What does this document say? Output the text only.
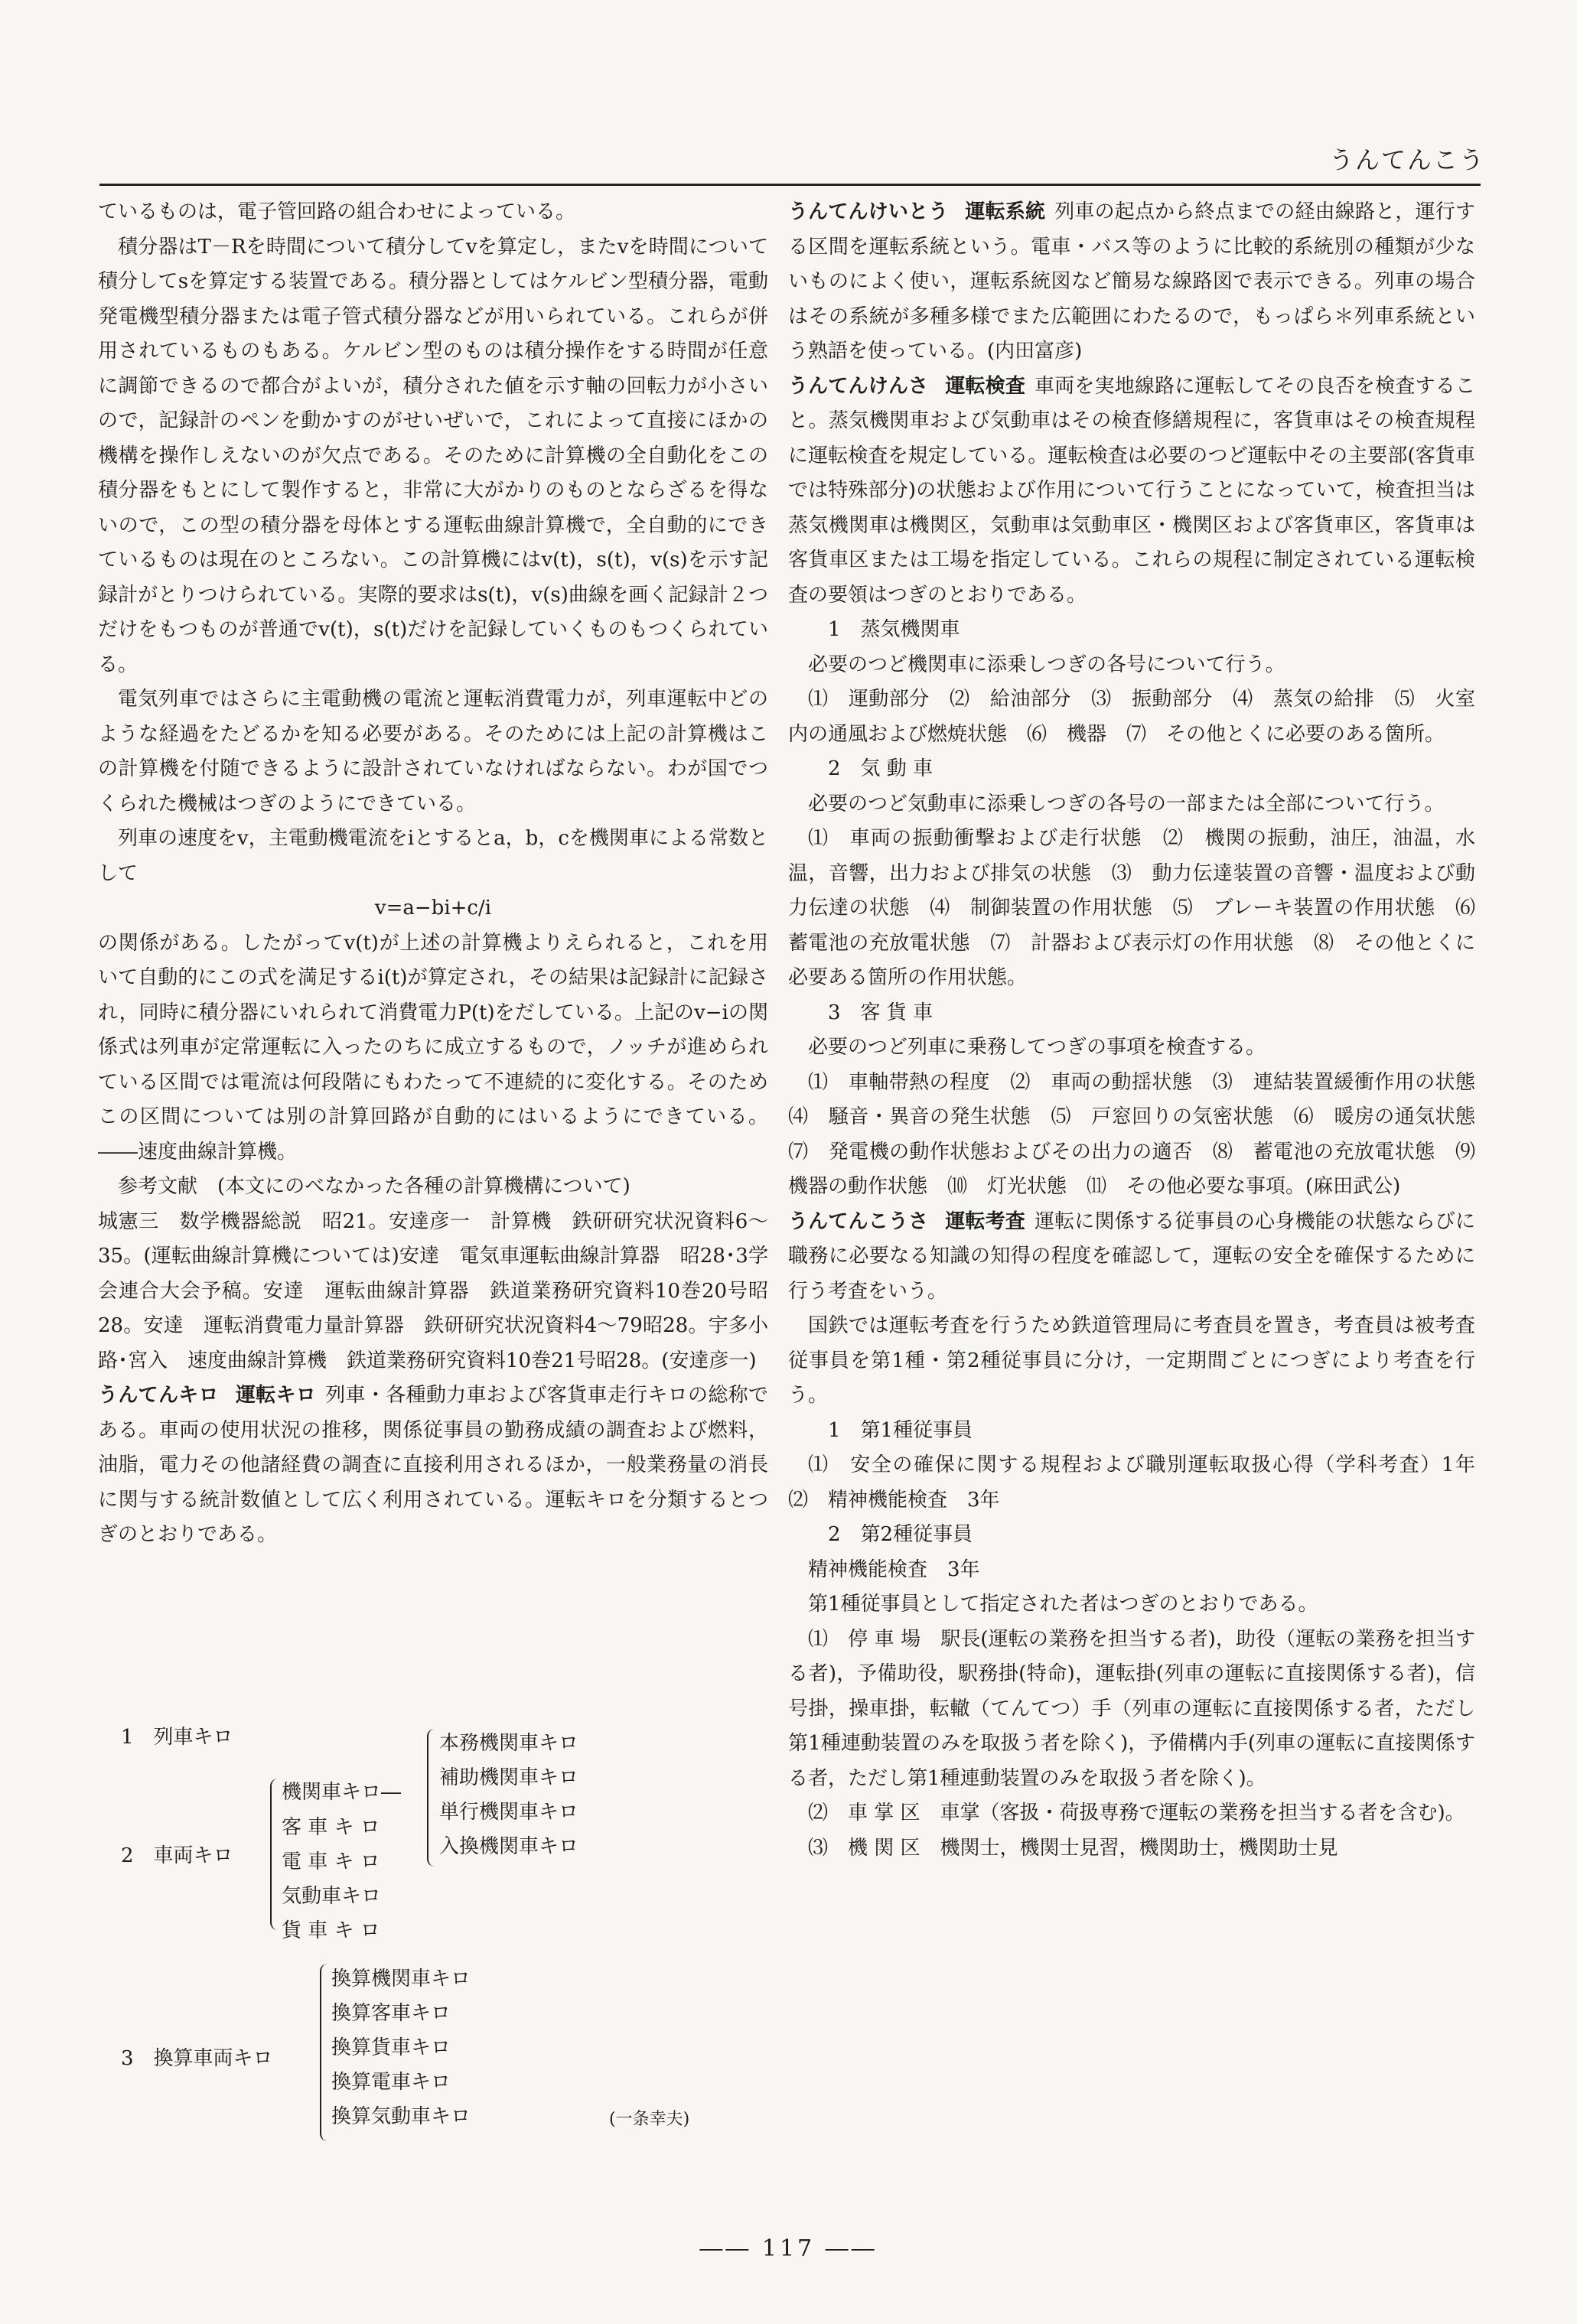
うんてんこう

ているものは，電子管回路の組合わせによっている。

積分器はT－Rを時間について積分してvを算定し，またvを時間について積分してsを算定する装置である。積分器としてはケルビン型積分器，電動発電機型積分器または電子管式積分器などが用いられている。これらが併用されているものもある。ケルビン型のものは積分操作をする時間が任意に調節できるので都合がよいが，積分された値を示す軸の回転力が小さいので，記録計のペンを動かすのがせいぜいで，これによって直接にほかの機構を操作しえないのが欠点である。そのために計算機の全自動化をこの積分器をもとにして製作すると，非常に大がかりのものとならざるを得ないので，この型の積分器を母体とする運転曲線計算機で，全自動的にできているものは現在のところない。この計算機にはv(t)，s(t)，v(s)を示す記録計がとりつけられている。実際的要求はs(t)，v(s)曲線を画く記録計２つだけをもつものが普通でv(t)，s(t)だけを記録していくものもつくられている。

電気列車ではさらに主電動機の電流と運転消費電力が，列車運転中どのような経過をたどるかを知る必要がある。そのためには上記の計算機はこの計算機を付随できるように設計されていなければならない。わが国でつくられた機械はつぎのようにできている。

列車の速度をv，主電動機電流をiとするとa，b，cを機関車による常数として

v=a−bi+c/i

の関係がある。したがってv(t)が上述の計算機よりえられると，これを用いて自動的にこの式を満足するi(t)が算定され，その結果は記録計に記録され，同時に積分器にいれられて消費電力P(t)をだしている。上記のv−iの関係式は列車が定常運転に入ったのちに成立するもので，ノッチが進められている区間では電流は何段階にもわたって不連続的に変化する。そのためこの区間については別の計算回路が自動的にはいるようにできている。――速度曲線計算機。

参考文献　(本文にのべなかった各種の計算機構について)

城憲三　数学機器総説　昭21。安達彦一　計算機　鉄研研究状況資料6～35。(運転曲線計算機については)安達　電気車運転曲線計算器　昭28･3学会連合大会予稿。安達　運転曲線計算器　鉄道業務研究資料10巻20号昭28。安達　運転消費電力量計算器　鉄研研究状況資料4～79昭28。宇多小路･宮入　速度曲線計算機　鉄道業務研究資料10巻21号昭28。(安達彦一)

うんてんキロ 運転キロ 列車・各種動力車および客貨車走行キロの総称である。車両の使用状況の推移，関係従事員の勤務成績の調査および燃料，油脂，電力その他諸経費の調査に直接利用されるほか，一般業務量の消長に関与する統計数値として広く利用されている。運転キロを分類するとつぎのとおりである。

1　列車キロ
2　車両キロ
機関車キロ―
客 車 キ ロ
電 車 キ ロ
気動車キロ
貨 車 キ ロ
本務機関車キロ
補助機関車キロ
単行機関車キロ
入換機関車キロ
3　換算車両キロ
換算機関車キロ
換算客車キロ
換算貨車キロ
換算電車キロ
換算気動車キロ	(一条幸夫)

うんてんけいとう 運転系統 列車の起点から終点までの経由線路と，運行する区間を運転系統という。電車・バス等のように比較的系統別の種類が少ないものによく使い，運転系統図など簡易な線路図で表示できる。列車の場合はその系統が多種多様でまた広範囲にわたるので，もっぱら＊列車系統という熟語を使っている。(内田富彦)

うんてんけんさ 運転検査 車両を実地線路に運転してその良否を検査すること。蒸気機関車および気動車はその検査修繕規程に，客貨車はその検査規程に運転検査を規定している。運転検査は必要のつど運転中その主要部(客貨車では特殊部分)の状態および作用について行うことになっていて，検査担当は蒸気機関車は機関区，気動車は気動車区・機関区および客貨車区，客貨車は客貨車区または工場を指定している。これらの規程に制定されている運転検査の要領はつぎのとおりである。

1　蒸気機関車

必要のつど機関車に添乗しつぎの各号について行う。

⑴　運動部分　⑵　給油部分　⑶　振動部分　⑷　蒸気の給排　⑸　火室内の通風および燃焼状態　⑹　機器　⑺　その他とくに必要のある箇所。

2　気 動 車

必要のつど気動車に添乗しつぎの各号の一部または全部について行う。

⑴　車両の振動衝撃および走行状態　⑵　機関の振動，油圧，油温，水温，音響，出力および排気の状態　⑶　動力伝達装置の音響・温度および動力伝達の状態　⑷　制御装置の作用状態　⑸　ブレーキ装置の作用状態　⑹　蓄電池の充放電状態　⑺　計器および表示灯の作用状態　⑻　その他とくに必要ある箇所の作用状態。

3　客 貨 車

必要のつど列車に乗務してつぎの事項を検査する。

⑴　車軸帯熱の程度　⑵　車両の動揺状態　⑶　連結装置緩衝作用の状態　⑷　騒音・異音の発生状態　⑸　戸窓回りの気密状態　⑹　暖房の通気状態　⑺　発電機の動作状態およびその出力の適否　⑻　蓄電池の充放電状態　⑼　機器の動作状態　⑽　灯光状態　⑾　その他必要な事項。(麻田武公)

うんてんこうさ 運転考査 運転に関係する従事員の心身機能の状態ならびに職務に必要なる知識の知得の程度を確認して，運転の安全を確保するために行う考査をいう。

国鉄では運転考査を行うため鉄道管理局に考査員を置き，考査員は被考査従事員を第1種・第2種従事員に分け，一定期間ごとにつぎにより考査を行う。

1　第1種従事員

⑴　安全の確保に関する規程および職別運転取扱心得（学科考査）1年　⑵　精神機能検査　3年

2　第2種従事員

精神機能検査　3年

第1種従事員として指定された者はつぎのとおりである。

⑴　停 車 場　駅長(運転の業務を担当する者)，助役（運転の業務を担当する者)，予備助役，駅務掛(特命)，運転掛(列車の運転に直接関係する者)，信号掛，操車掛，転轍（てんてつ）手（列車の運転に直接関係する者，ただし第1種連動装置のみを取扱う者を除く)，予備構内手(列車の運転に直接関係する者，ただし第1種連動装置のみを取扱う者を除く)。

⑵　車 掌 区　車掌（客扱・荷扱専務で運転の業務を担当する者を含む)。

⑶　機 関 区　機関士，機関士見習，機関助士，機関助士見

―― 117 ――
